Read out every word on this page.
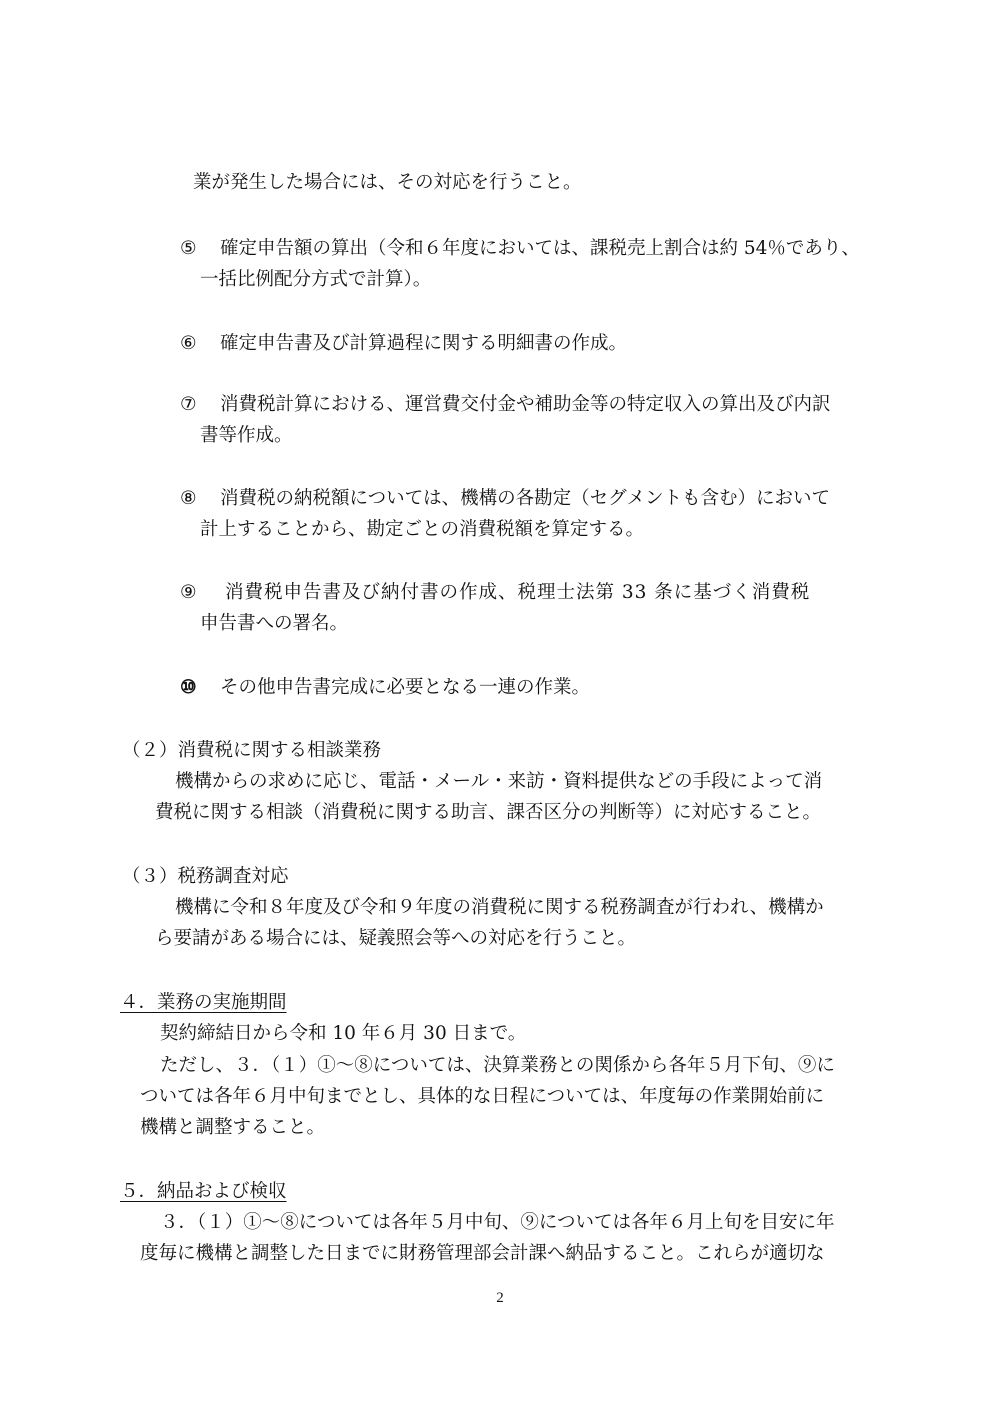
業が発生した場合には、その対応を行うこと。
⑤ 確定申告額の算出（令和６年度においては、課税売上割合は約 54％であり、
一括比例配分方式で計算）。
⑥ 確定申告書及び計算過程に関する明細書の作成。
⑦ 消費税計算における、運営費交付金や補助金等の特定収入の算出及び内訳
書等作成。
⑧ 消費税の納税額については、機構の各勘定（セグメントも含む）において
計上することから、勘定ごとの消費税額を算定する。
⑨ 消費税申告書及び納付書の作成、税理士法第 33 条に基づく消費税
申告書への署名。
⑩ その他申告書完成に必要となる一連の作業。
（２）消費税に関する相談業務
機構からの求めに応じ、電話・メール・来訪・資料提供などの手段によって消
費税に関する相談（消費税に関する助言、課否区分の判断等）に対応すること。
（３）税務調査対応
機構に令和８年度及び令和９年度の消費税に関する税務調査が行われ、機構か
ら要請がある場合には、疑義照会等への対応を行うこと。
４．業務の実施期間
契約締結日から令和 10 年６月 30 日まで。
ただし、３．（１）①～⑧については、決算業務との関係から各年５月下旬、⑨に
ついては各年６月中旬までとし、具体的な日程については、年度毎の作業開始前に
機構と調整すること。
５．納品および検収
３．（１）①～⑧については各年５月中旬、⑨については各年６月上旬を目安に年
度毎に機構と調整した日までに財務管理部会計課へ納品すること。これらが適切な
2
